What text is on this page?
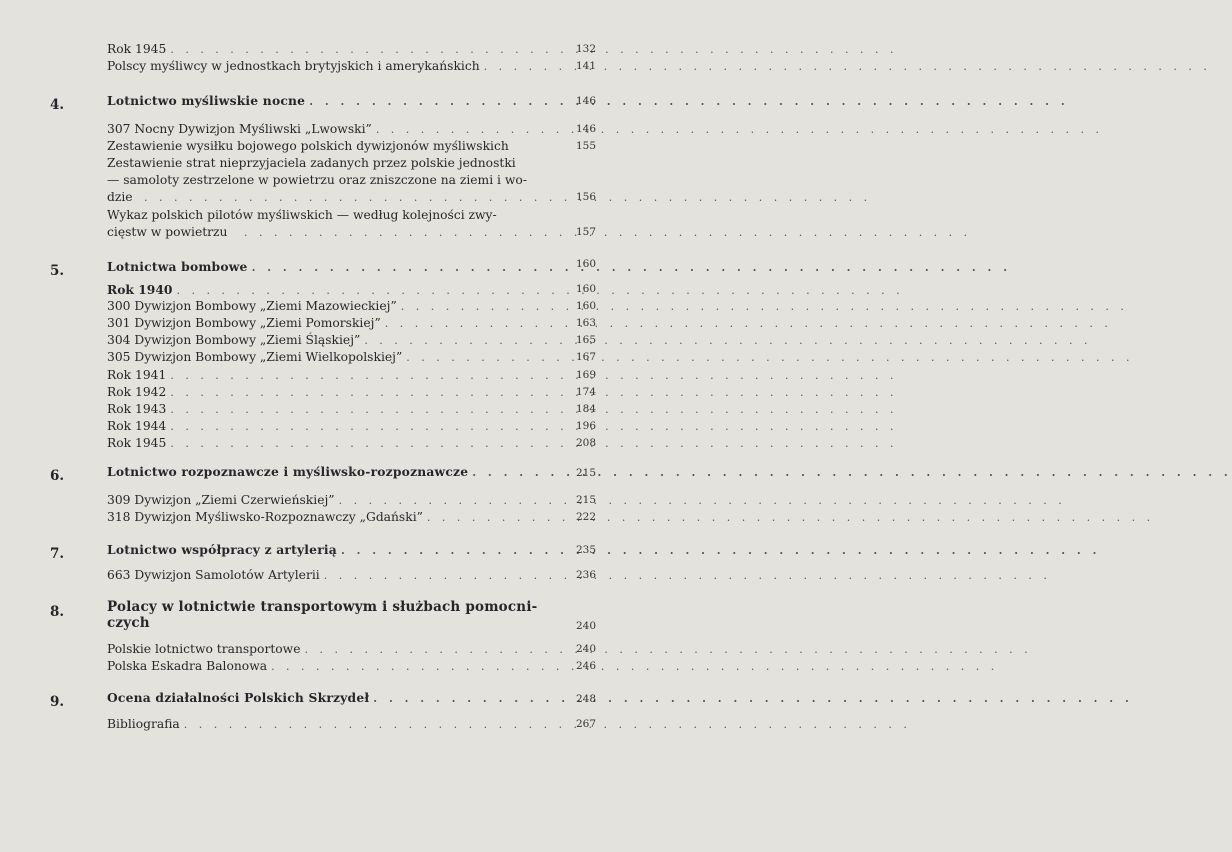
Rok 1945 . . .	132
Polscy myśliwcy w jednostkach brytyjskich i amerykańskich . . .	141
4.	Lotnictwo myśliwskie nocne . . .	146
307 Nocny Dywizjon Myśliwski „Lwowski” . . .	146
Zestawienie wysiłku bojowego polskich dywizjonów myśliwskich	155
Zestawienie strat nieprzyjaciela zadanych przez polskie jednostki
— samoloty zestrzelone w powietrzu oraz zniszczone na ziemi i wo-
dzie . . .	156
Wykaz polskich pilotów myśliwskich — według kolejności zwy-
cięstw w powietrzu . . .	157
5.	Lotnictwa bombowe . . .	160
Rok 1940 . . .	160
300 Dywizjon Bombowy „Ziemi Mazowieckiej” . . .	160
301 Dywizjon Bombowy „Ziemi Pomorskiej” . . .	163
304 Dywizjon Bombowy „Ziemi Śląskiej” . . .	165
305 Dywizjon Bombowy „Ziemi Wielkopolskiej” . . .	167
Rok 1941 . . .	169
Rok 1942 . . .	174
Rok 1943 . . .	184
Rok 1944 . . .	196
Rok 1945 . . .	208
6.	Lotnictwo rozpoznawcze i myśliwsko-rozpoznawcze . . .	215
309 Dywizjon „Ziemi Czerwieńskiej” . . .	215
318 Dywizjon Myśliwsko-Rozpoznawczy „Gdański” . . .	222
7.	Lotnictwo współpracy z artylerią . . .	235
663 Dywizjon Samolotów Artylerii . . .	236
8.	Polacy w lotnictwie transportowym i służbach pomocni-
czych	240
Polskie lotnictwo transportowe . . .	240
Polska Eskadra Balonowa . . .	246
9.	Ocena działalności Polskich Skrzydeł . . .	248
Bibliografia . . .	267
